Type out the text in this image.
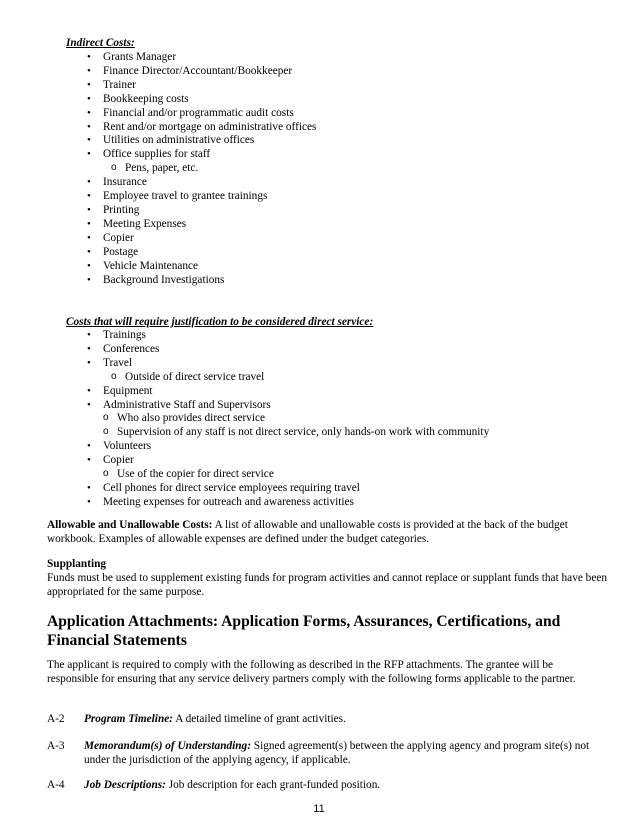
Indirect Costs:
• Grants Manager
• Finance Director/Accountant/Bookkeeper
• Trainer
• Bookkeeping costs
• Financial and/or programmatic audit costs
• Rent and/or mortgage on administrative offices
• Utilities on administrative offices
• Office supplies for staff
o Pens, paper, etc.
• Insurance
• Employee travel to grantee trainings
• Printing
• Meeting Expenses
• Copier
• Postage
• Vehicle Maintenance
• Background Investigations
Costs that will require justification to be considered direct service:
• Trainings
• Conferences
• Travel
o Outside of direct service travel
• Equipment
• Administrative Staff and Supervisors
o Who also provides direct service
o Supervision of any staff is not direct service, only hands-on work with community
• Volunteers
• Copier
o Use of the copier for direct service
• Cell phones for direct service employees requiring travel
• Meeting expenses for outreach and awareness activities
Allowable and Unallowable Costs: A list of allowable and unallowable costs is provided at the back of the budget workbook. Examples of allowable expenses are defined under the budget categories.
Supplanting
Funds must be used to supplement existing funds for program activities and cannot replace or supplant funds that have been appropriated for the same purpose.
Application Attachments: Application Forms, Assurances, Certifications, and Financial Statements
The applicant is required to comply with the following as described in the RFP attachments. The grantee will be responsible for ensuring that any service delivery partners comply with the following forms applicable to the partner.
A-2 Program Timeline: A detailed timeline of grant activities.
A-3 Memorandum(s) of Understanding: Signed agreement(s) between the applying agency and program site(s) not under the jurisdiction of the applying agency, if applicable.
A-4 Job Descriptions: Job description for each grant-funded position.
11
